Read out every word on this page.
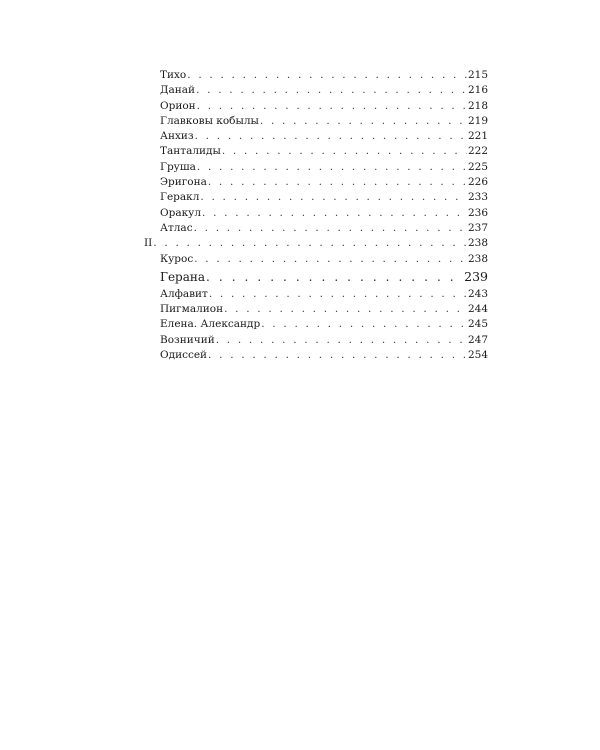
Тихо . . .	215
Данай . . .	216
Орион . . .	218
Главковы кобылы . . .	219
Анхиз . . .	221
Танталиды . . .	222
Груша . . .	225
Эригона . . .	226
Геракл . . .	233
Оракул . . .	236
Атлас . . .	237
II . . .	238
Курос . . .	238
Герана . . .	239
Алфавит . . .	243
Пигмалион . . .	244
Елена. Александр . . .	245
Возничий . . .	247
Одиссей . . .	254
